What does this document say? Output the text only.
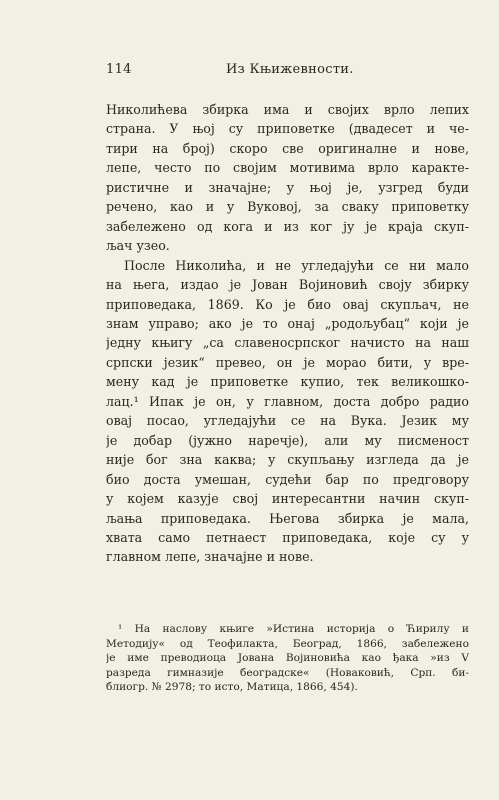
114	Из Књижевности.
Николићева збирка има и својих врло лепих
страна. У њој су приповетке (двадесет и че-
тири на број) скоро све оригиналне и нове,
лепе, често по својим мотивима врло каракте-
ристичне и значајне; у њој је, узгред буди
речено, као и у Вуковој, за сваку приповетку
забележено од кога и из ког ју је краја скуп-
љач узео.
После Николића, и не угледајући се ни мало
на њега, издао је Јован Војиновић своју збирку
приповедака, 1869. Ко је био овај скупљач, не
знам управо; ако је то онај „родољубац“ који је
једну књигу „са славеносрпског начисто на наш
српски језик“ превео, он је морао бити, у вре-
мену кад је приповетке купио, тек великошко-
лац.¹ Ипак је он, у главном, доста добро радио
овај посао, угледајући се на Вука. Језик му
је добар (јужно наречје), али му писменост
није бог зна каква; у скупљању изгледа да је
био доста умешан, судећи бар по предговору
у којем казује свој интересантни начин скуп-
љања приповедака. Његова збирка је мала,
хвата само петнаест приповедака, које су у
главном лепе, значајне и нове.
¹ На наслову књиге »Истина историја о Ћирилу и
Методију« од Теофилакта, Београд, 1866, забележено
је име преводиоца Јована Војиновића као ђака »из V
разреда гимназије београдске« (Новаковић, Срп. би-
блиогр. № 2978; то исто, Матица, 1866, 454).
